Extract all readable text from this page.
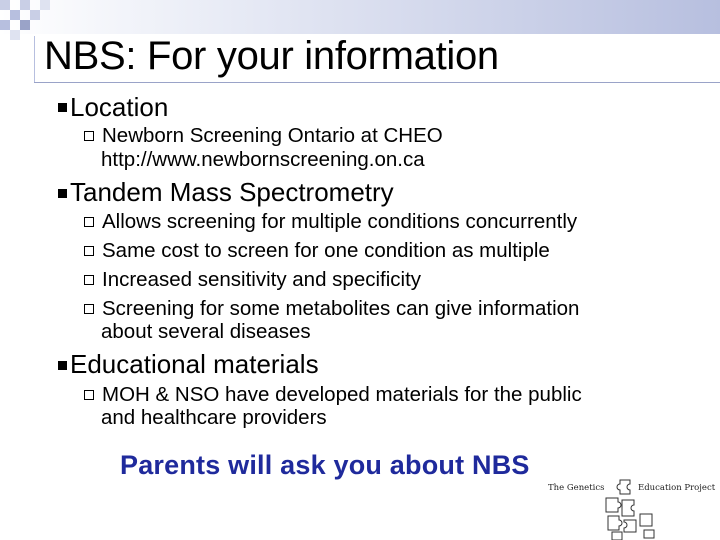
NBS: For your information
Location
Newborn Screening Ontario at CHEO
http://www.newbornscreening.on.ca
Tandem Mass Spectrometry
Allows screening for multiple conditions concurrently
Same cost to screen for one condition as multiple
Increased sensitivity and specificity
Screening for some metabolites can give information
about several diseases
Educational materials
MOH & NSO have developed materials for the public
and healthcare providers
Parents will ask you about NBS
The Genetics	Education Project
